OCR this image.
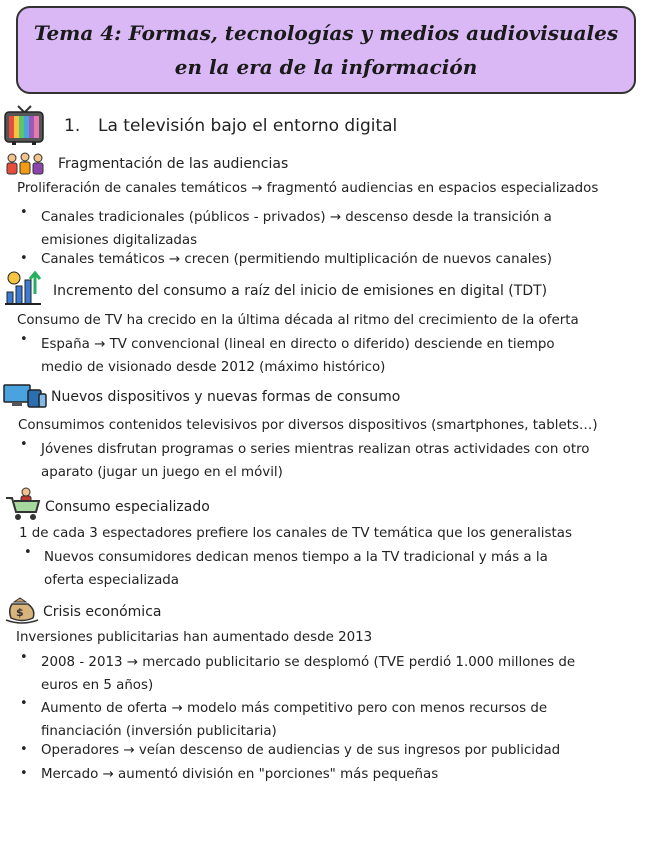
Tema 4: Formas, tecnologías y medios audiovisuales
en la era de la información
1. La televisión bajo el entorno digital
Fragmentación de las audiencias
Proliferación de canales temáticos → fragmentó audiencias en espacios especializados
• Canales tradicionales (públicos - privados) → descenso desde la transición a
emisiones digitalizadas
• Canales temáticos → crecen (permitiendo multiplicación de nuevos canales)
Incremento del consumo a raíz del inicio de emisiones en digital (TDT)
Consumo de TV ha crecido en la última década al ritmo del crecimiento de la oferta
• España → TV convencional (lineal en directo o diferido) desciende en tiempo
medio de visionado desde 2012 (máximo histórico)
Nuevos dispositivos y nuevas formas de consumo
Consumimos contenidos televisivos por diversos dispositivos (smartphones, tablets…)
• Jóvenes disfrutan programas o series mientras realizan otras actividades con otro
aparato (jugar un juego en el móvil)
Consumo especializado
1 de cada 3 espectadores prefiere los canales de TV temática que los generalistas
• Nuevos consumidores dedican menos tiempo a la TV tradicional y más a la
oferta especializada
$ Crisis económica
Inversiones publicitarias han aumentado desde 2013
• 2008 - 2013 → mercado publicitario se desplomó (TVE perdió 1.000 millones de
euros en 5 años)
• Aumento de oferta → modelo más competitivo pero con menos recursos de
financiación (inversión publicitaria)
• Operadores → veían descenso de audiencias y de sus ingresos por publicidad
• Mercado → aumentó división en "porciones" más pequeñas
